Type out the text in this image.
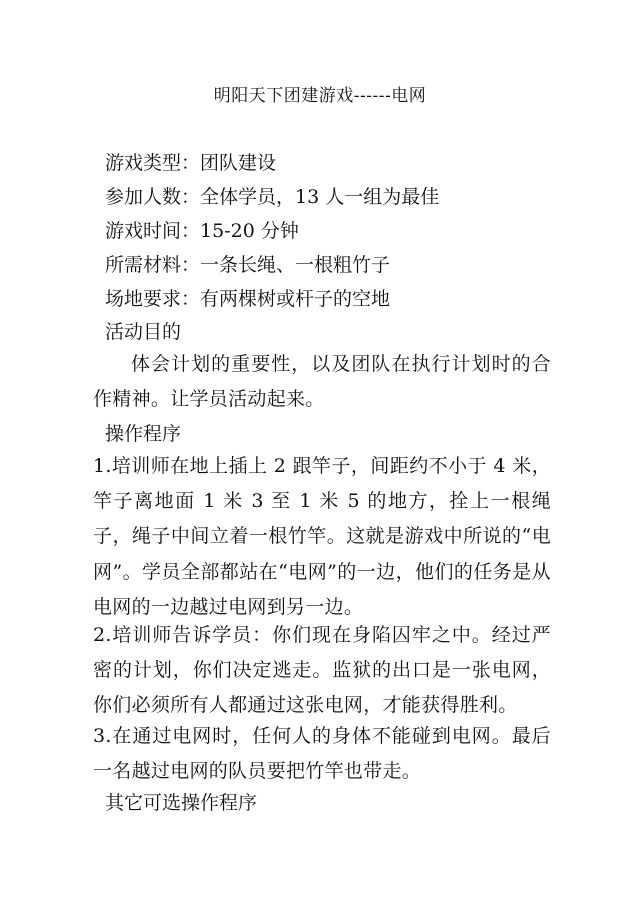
明阳天下团建游戏------电网
游戏类型：团队建设
参加人数：全体学员，13 人一组为最佳
游戏时间：15-20 分钟
所需材料：一条长绳、一根粗竹子
场地要求：有两棵树或杆子的空地
活动目的
体会计划的重要性，以及团队在执行计划时的合作精神。让学员活动起来。
操作程序
1.培训师在地上插上 2 跟竿子，间距约不小于 4 米，竿子离地面 1 米 3 至 1 米 5 的地方，拴上一根绳子，绳子中间立着一根竹竿。这就是游戏中所说的“电网”。学员全部都站在“电网”的一边，他们的任务是从电网的一边越过电网到另一边。
2.培训师告诉学员：你们现在身陷囚牢之中。经过严密的计划，你们决定逃走。监狱的出口是一张电网，你们必须所有人都通过这张电网，才能获得胜利。
3.在通过电网时，任何人的身体不能碰到电网。最后一名越过电网的队员要把竹竿也带走。
其它可选操作程序
